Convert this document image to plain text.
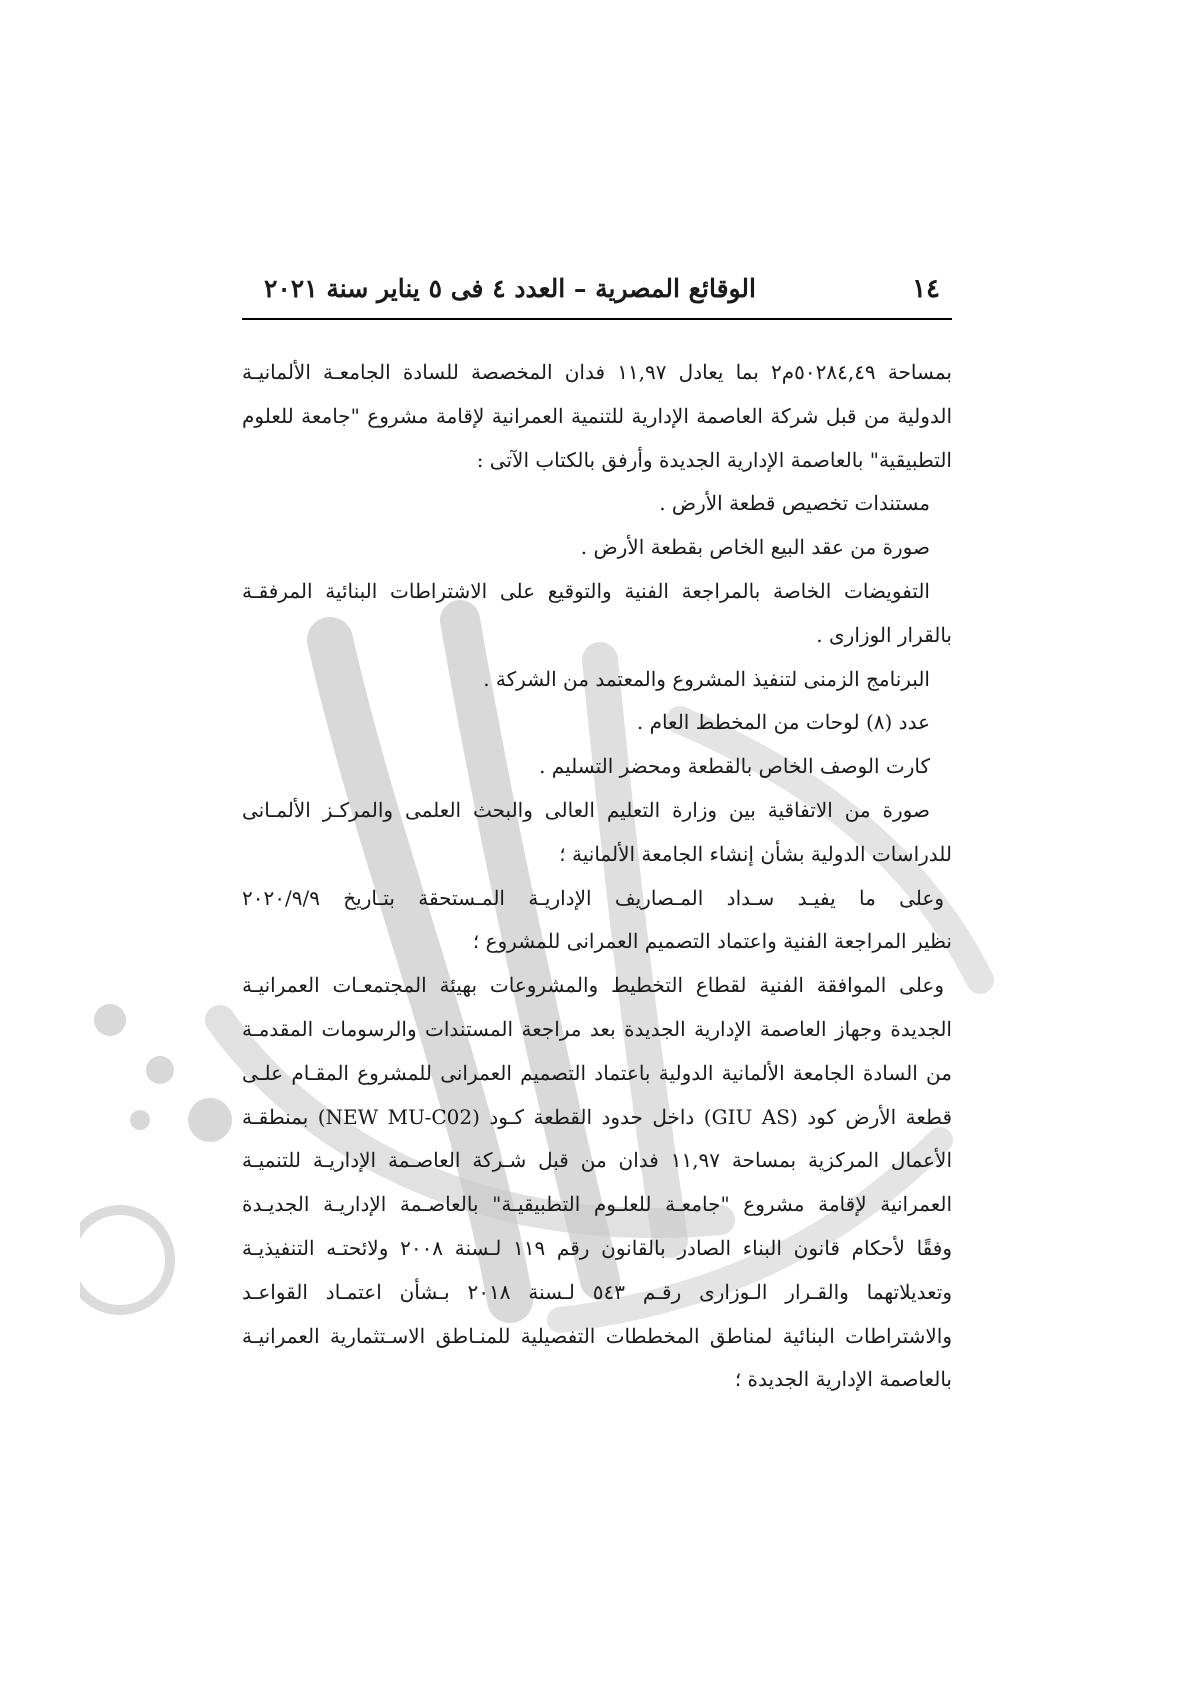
١٤
الوقائع المصرية – العدد ٤ فى ٥ يناير سنة ٢٠٢١

بمساحة ٥٠٢٨٤,٤٩م٢ بما يعادل ١١,٩٧ فدان المخصصة للسادة الجامعـة الألمانيـة

الدولية من قبل شركة العاصمة الإدارية للتنمية العمرانية لإقامة مشروع "جامعة للعلوم

التطبيقية" بالعاصمة الإدارية الجديدة وأرفق بالكتاب الآتى :

مستندات تخصيص قطعة الأرض .

صورة من عقد البيع الخاص بقطعة الأرض .

التفويضات الخاصة بالمراجعة الفنية والتوقيع على الاشتراطات البنائية المرفقـة

بالقرار الوزارى .

البرنامج الزمنى لتنفيذ المشروع والمعتمد من الشركة .

عدد (٨) لوحات من المخطط العام .

كارت الوصف الخاص بالقطعة ومحضر التسليم .

صورة من الاتفاقية بين وزارة التعليم العالى والبحث العلمى والمركـز الألمـانى

للدراسات الدولية بشأن إنشاء الجامعة الألمانية ؛

وعلى ما يفيـد سـداد المـصاريف الإداريـة المـستحقة بتـاريخ ٢٠٢٠/٩/٩

نظير المراجعة الفنية واعتماد التصميم العمرانى للمشروع ؛

وعلى الموافقة الفنية لقطاع التخطيط والمشروعات بهيئة المجتمعـات العمرانيـة

الجديدة وجهاز العاصمة الإدارية الجديدة بعد مراجعة المستندات والرسومات المقدمـة

من السادة الجامعة الألمانية الدولية باعتماد التصميم العمرانى للمشروع المقـام علـى

قطعة الأرض كود (GIU AS) داخل حدود القطعة كـود (NEW MU-C02) بمنطقـة

الأعمال المركزية بمساحة ١١,٩٧ فدان من قبل شـركة العاصـمة الإداريـة للتنميـة

العمرانية لإقامة مشروع "جامعـة للعلـوم التطبيقيـة" بالعاصـمة الإداريـة الجديـدة

وفقًا لأحكام قانون البناء الصادر بالقانون رقم ١١٩ لـسنة ٢٠٠٨ ولائحتـه التنفيذيـة

وتعديلاتهما والقـرار الـوزارى رقـم ٥٤٣ لـسنة ٢٠١٨ بـشأن اعتمـاد القواعـد

والاشتراطات البنائية لمناطق المخططات التفصيلية للمنـاطق الاسـتثمارية العمرانيـة

بالعاصمة الإدارية الجديدة ؛
